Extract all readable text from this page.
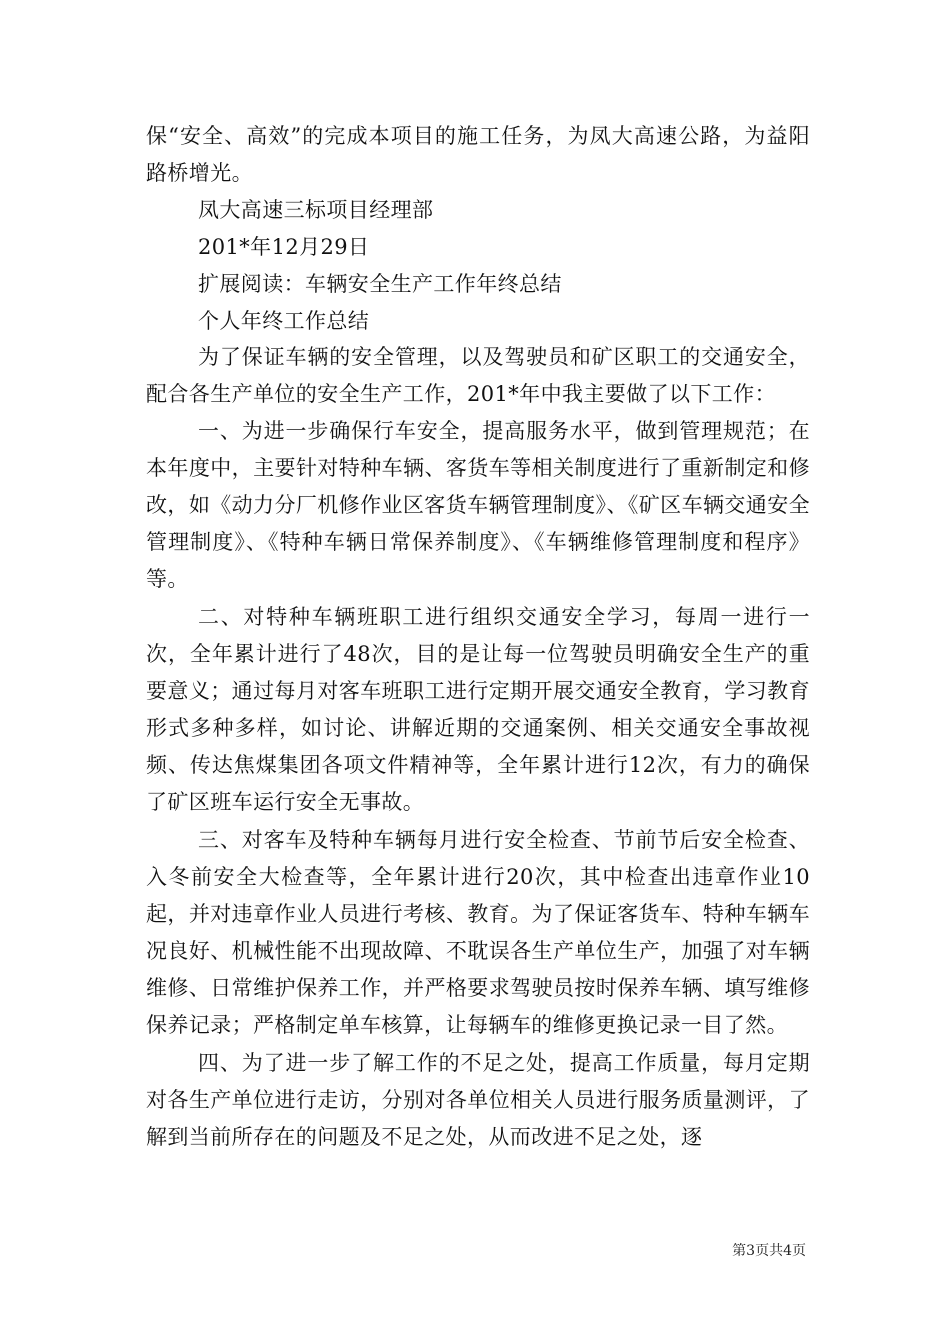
保“安全、高效”的完成本项目的施工任务，为凤大高速公路，为益阳路桥增光。

凤大高速三标项目经理部

201*年12月29日

扩展阅读：车辆安全生产工作年终总结

个人年终工作总结

为了保证车辆的安全管理，以及驾驶员和矿区职工的交通安全，配合各生产单位的安全生产工作，201*年中我主要做了以下工作：

一、为进一步确保行车安全，提高服务水平，做到管理规范；在本年度中，主要针对特种车辆、客货车等相关制度进行了重新制定和修改，如《动力分厂机修作业区客货车辆管理制度》、《矿区车辆交通安全管理制度》、《特种车辆日常保养制度》、《车辆维修管理制度和程序》等。

二、对特种车辆班职工进行组织交通安全学习，每周一进行一次，全年累计进行了48次，目的是让每一位驾驶员明确安全生产的重要意义；通过每月对客车班职工进行定期开展交通安全教育，学习教育形式多种多样，如讨论、讲解近期的交通案例、相关交通安全事故视频、传达焦煤集团各项文件精神等，全年累计进行12次，有力的确保了矿区班车运行安全无事故。

三、对客车及特种车辆每月进行安全检查、节前节后安全检查、入冬前安全大检查等，全年累计进行20次，其中检查出违章作业10起，并对违章作业人员进行考核、教育。为了保证客货车、特种车辆车况良好、机械性能不出现故障、不耽误各生产单位生产，加强了对车辆维修、日常维护保养工作，并严格要求驾驶员按时保养车辆、填写维修保养记录；严格制定单车核算，让每辆车的维修更换记录一目了然。

四、为了进一步了解工作的不足之处，提高工作质量，每月定期对各生产单位进行走访，分别对各单位相关人员进行服务质量测评，了解到当前所存在的问题及不足之处，从而改进不足之处，逐

第3页共4页
